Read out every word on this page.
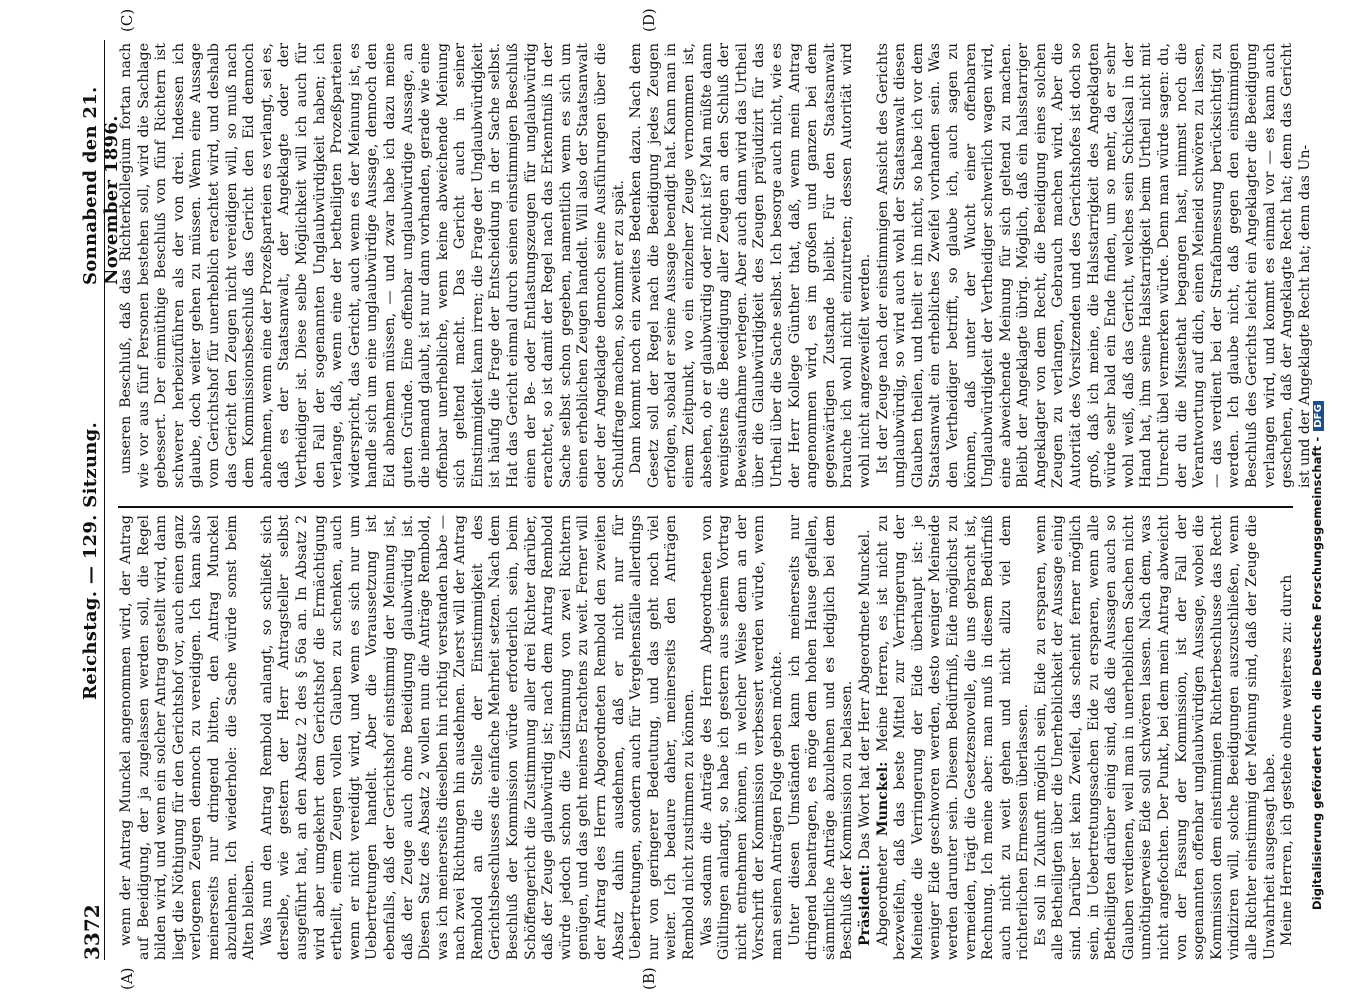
3372
Reichstag. — 129. Sitzung.
Sonnabend den 21. November 1896.
(A)	(B)
(C)	(D)

wenn der Antrag Munckel angenommen wird, der Antrag auf Beeidigung, der ja zugelassen werden soll, die Regel bilden wird, und wenn ein solcher Antrag gestellt wird, dann liegt die Nöthigung für den Gerichtshof vor, auch einen ganz verlogenen Zeugen dennoch zu vereidigen. Ich kann also meinerseits nur dringend bitten, den Antrag Munckel abzulehnen. Ich wiederhole: die Sache würde sonst beim Alten bleiben. Was nun den Antrag Rembold anlangt, so schließt sich derselbe, wie gestern der Herr Antragsteller selbst ausgeführt hat, an den Absatz 2 des § 56a an. In Absatz 2 wird aber umgekehrt dem Gerichtshof die Ermächtigung ertheilt, einem Zeugen vollen Glauben zu schenken, auch wenn er nicht vereidigt wird, und wenn es sich nur um Uebertretungen handelt. Aber die Voraussetzung ist ebenfalls, daß der Gerichtshof einstimmig der Meinung ist, daß der Zeuge auch ohne Beeidigung glaubwürdig ist. Diesen Satz des Absatz 2 wollen nun die Anträge Rembold, was ich meinerseits dieselben hin richtig verstanden habe — nach zwei Richtungen hin ausdehnen. Zuerst will der Antrag Rembold an die Stelle der Einstimmigkeit des Gerichtsbeschlusses die einfache Mehrheit setzen. Nach dem Beschluß der Kommission würde erforderlich sein, beim Schöffengericht die Zustimmung aller drei Richter darüber, daß der Zeuge glaubwürdig ist; nach dem Antrag Rembold würde jedoch schon die Zustimmung von zwei Richtern genügen, und das geht meines Erachtens zu weit. Ferner will der Antrag des Herrn Abgeordneten Rembold den zweiten Absatz dahin ausdehnen, daß er nicht nur für Uebertretungen, sondern auch für Vergehensfälle allerdings nur von geringerer Bedeutung, und das geht noch viel weiter. Ich bedaure daher, meinerseits den Anträgen Rembold nicht zustimmen zu können. Was sodann die Anträge des Herrn Abgeordneten von Gültlingen anlangt, so habe ich gestern aus seinem Vortrag nicht entnehmen können, in welcher Weise denn an der Vorschrift der Kommission verbessert werden würde, wenn man seinen Anträgen Folge geben möchte. Unter diesen Umständen kann ich meinerseits nur dringend beantragen, es möge dem hohen Hause gefallen, sämmtliche Anträge abzulehnen und es lediglich bei dem Beschluß der Kommission zu belassen. Präsident: Das Wort hat der Herr Abgeordnete Munckel.

Abgeordneter Munckel: Meine Herren, es ist nicht zu bezweifeln, daß das beste Mittel zur Verringerung der Meineide die Verringerung der Eide überhaupt ist: je weniger Eide geschworen werden, desto weniger Meineide werden darunter sein. Diesem Bedürfniß, Eide möglichst zu vermeiden, trägt die Gesetzesnovelle, die uns gebracht ist, Rechnung. Ich meine aber: man muß in diesem Bedürfniß auch nicht zu weit gehen und nicht allzu viel dem richterlichen Ermessen überlassen. Es soll in Zukunft möglich sein, Eide zu ersparen, wenn alle Betheiligten über die Unerheblichkeit der Aussage einig sind. Darüber ist kein Zweifel, das scheint ferner möglich sein, in Uebertretungssachen Eide zu ersparen, wenn alle Betheiligten darüber einig sind, daß die Aussagen auch so Glauben verdienen, weil man in unerheblichen Sachen nicht unnöthigerweise Eide soll schwören lassen. Nach dem, was nicht angefochten. Der Punkt, bei dem mein Antrag abweicht von der Fassung der Kommission, ist der Fall der sogenannten offenbar unglaubwürdigen Aussage, wobei die Kommission dem einstimmigen Richterbeschlusse das Recht vindiziren will, solche Beeidigungen auszuschließen, wenn alle Richter einstimmig der Meinung sind, daß der Zeuge die Unwahrheit ausgesagt habe. Meine Herren, ich gestehe ohne weiteres zu: durch

unseren Beschluß, daß das Richterkollegium fortan nach wie vor aus fünf Personen bestehen soll, wird die Sachlage gebessert. Der einmüthige Beschluß von fünf Richtern ist schwerer herbeizuführen als der von drei. Indessen ich glaube, doch weiter gehen zu müssen. Wenn eine Aussage vom Gerichtshof für unerheblich erachtet wird, und deshalb das Gericht den Zeugen nicht vereidigen will, so muß nach dem Kommissionsbeschluß das Gericht den Eid dennoch abnehmen, wenn eine der Prozeßparteien es verlangt, sei es, daß es der Staatsanwalt, der Angeklagte oder der Vertheidiger ist. Diese selbe Möglichkeit will ich auch für den Fall der sogenannten Unglaubwürdigkeit haben; ich verlange, daß, wenn eine der betheiligten Prozeßparteien widerspricht, das Gericht, auch wenn es der Meinung ist, es handle sich um eine unglaubwürdige Aussage, dennoch den Eid abnehmen müssen, — und zwar habe ich dazu meine guten Gründe. Eine offenbar unglaubwürdige Aussage, an die niemand glaubt, ist nur dann vorhanden, gerade wie eine offenbar unerhebliche, wenn keine abweichende Meinung sich geltend macht. Das Gericht auch in seiner Einstimmigkeit kann irren; die Frage der Unglaubwürdigkeit ist häufig die Frage der Entscheidung in der Sache selbst. Hat das Gericht einmal durch seinen einstimmigen Beschluß einen der Be- oder Entlastungszeugen für unglaubwürdig erachtet, so ist damit der Regel nach das Erkenntniß in der Sache selbst schon gegeben, namentlich wenn es sich um einen erheblichen Zeugen handelt. Will also der Staatsanwalt oder der Angeklagte dennoch seine Ausführungen über die Schuldfrage machen, so kommt er zu spät. Dann kommt noch ein zweites Bedenken dazu. Nach dem Gesetz soll der Regel nach die Beeidigung jedes Zeugen erfolgen, sobald er seine Aussage beendigt hat. Kann man in einem Zeitpunkt, wo ein einzelner Zeuge vernommen ist, absehen, ob er glaubwürdig oder nicht ist? Man müßte dann wenigstens die Beeidigung aller Zeugen an den Schluß der Beweisaufnahme verlegen. Aber auch dann wird das Urtheil über die Glaubwürdigkeit des Zeugen präjudizirt für das Urtheil über die Sache selbst. Ich besorge auch nicht, wie es der Herr Kollege Günther that, daß, wenn mein Antrag angenommen wird, es im großen und ganzen bei dem gegenwärtigen Zustande bleibt. Für den Staatsanwalt brauche ich wohl nicht einzutreten; dessen Autorität wird wohl nicht angezweifelt werden. Ist der Zeuge nach der einstimmigen Ansicht des Gerichts unglaubwürdig, so wird auch wohl der Staatsanwalt diesen Glauben theilen, und theilt er ihn nicht, so habe ich vor dem Staatsanwalt ein erhebliches Zweifel vorhanden sein. Was den Vertheidiger betrifft, so glaube ich, auch sagen zu können, daß unter der Wucht einer offenbaren Unglaubwürdigkeit der Vertheidiger schwerlich wagen wird, eine abweichende Meinung für sich geltend zu machen. Bleibt der Angeklagte übrig. Möglich, daß ein halsstarriger Angeklagter von dem Recht, die Beeidigung eines solchen Zeugen zu verlangen, Gebrauch machen wird. Aber die Autorität des Vorsitzenden und des Gerichtshofes ist doch so groß, daß ich meine, die Halsstarrigkeit des Angeklagten würde sehr bald ein Ende finden, um so mehr, da er sehr wohl weiß, daß das Gericht, welches sein Schicksal in der Hand hat, ihm seine Halsstarrigkeit beim Urtheil nicht mit Unrecht übel vermerken würde. Denn man würde sagen: du, der du die Missethat begangen hast, nimmst noch die Verantwortung auf dich, einen Meineid schwören zu lassen, — das verdient bei der Strafabmessung berücksichtigt zu werden. Ich glaube nicht, daß gegen den einstimmigen Beschluß des Gerichts leicht ein Angeklagter die Beeidigung verlangen wird, und kommt es einmal vor — es kann auch geschehen, daß der Angeklagte Recht hat; denn das Gericht ist und der Angeklagte Recht hat; denn das Un-

Digitalisierung gefördert durch die Deutsche Forschungsgemeinschaft -DFG
